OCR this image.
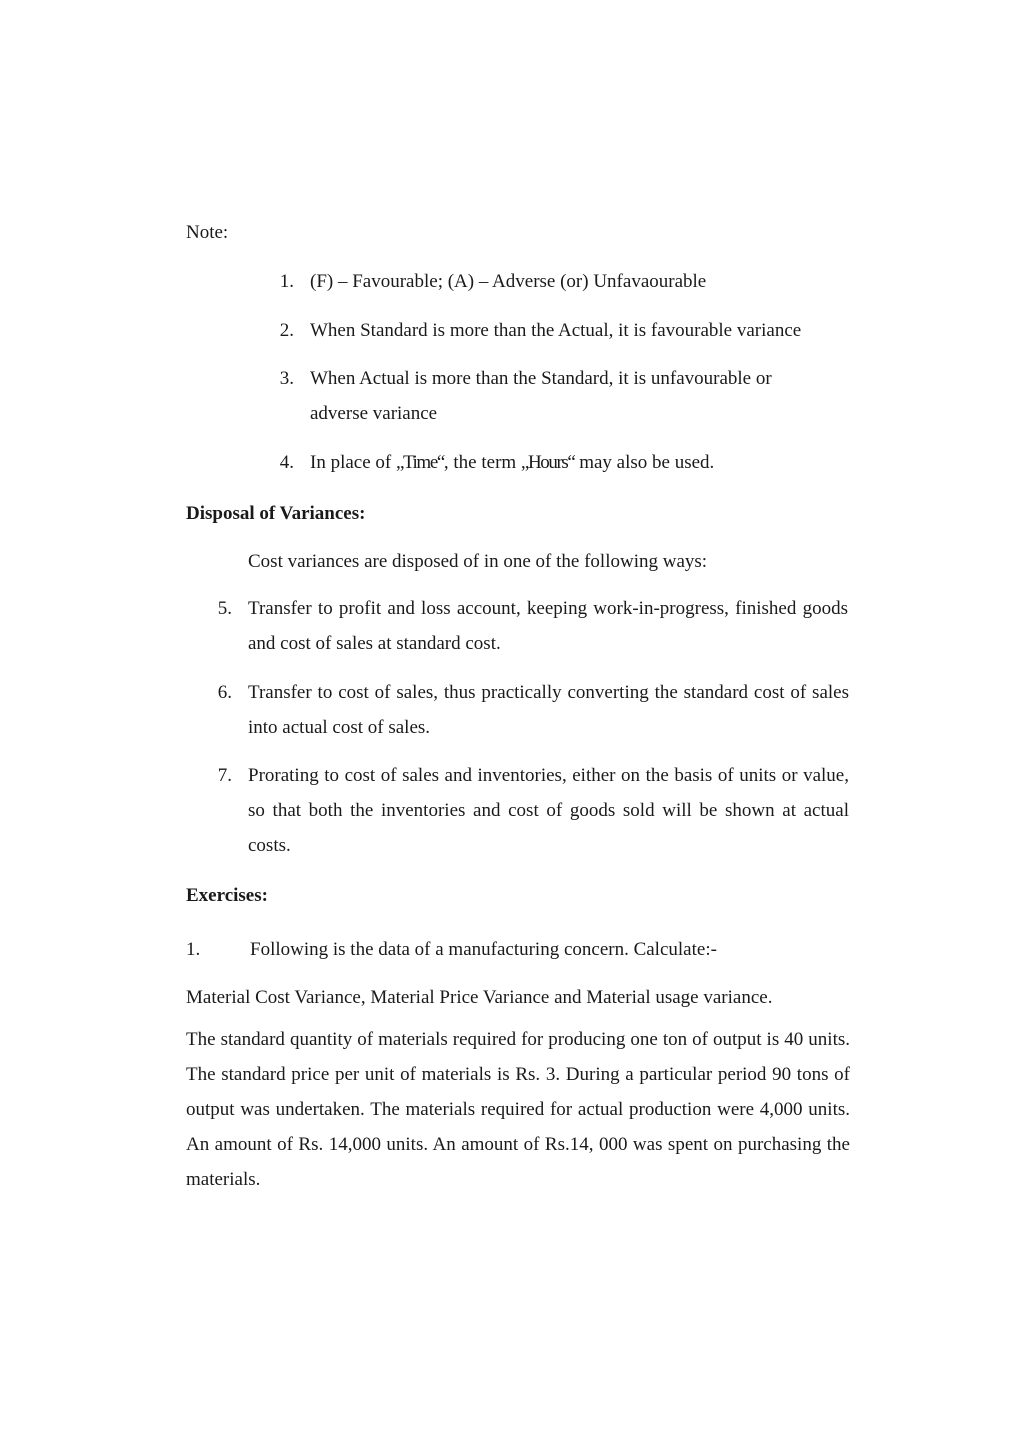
Note:
1. (F) – Favourable; (A) – Adverse (or) Unfavaourable
2. When Standard is more than the Actual, it is favourable variance
3. When Actual is more than the Standard, it is unfavourable or adverse variance
4. In place of „Time“, the term „Hours“ may also be used.
Disposal of Variances:
Cost variances are disposed of in one of the following ways:
5. Transfer to profit and loss account, keeping work-in-progress, finished goods and cost of sales at standard cost.
6. Transfer to cost of sales, thus practically converting the standard cost of sales into actual cost of sales.
7. Prorating to cost of sales and inventories, either on the basis of units or value, so that both the inventories and cost of goods sold will be shown at actual costs.
Exercises:
1.	Following is the data of a manufacturing concern. Calculate:-
Material Cost Variance, Material Price Variance and Material usage variance.
The standard quantity of materials required for producing one ton of output is 40 units. The standard price per unit of materials is Rs. 3. During a particular period 90 tons of output was undertaken. The materials required for actual production were 4,000 units. An amount of Rs. 14,000 units. An amount of Rs.14, 000 was spent on purchasing the materials.
